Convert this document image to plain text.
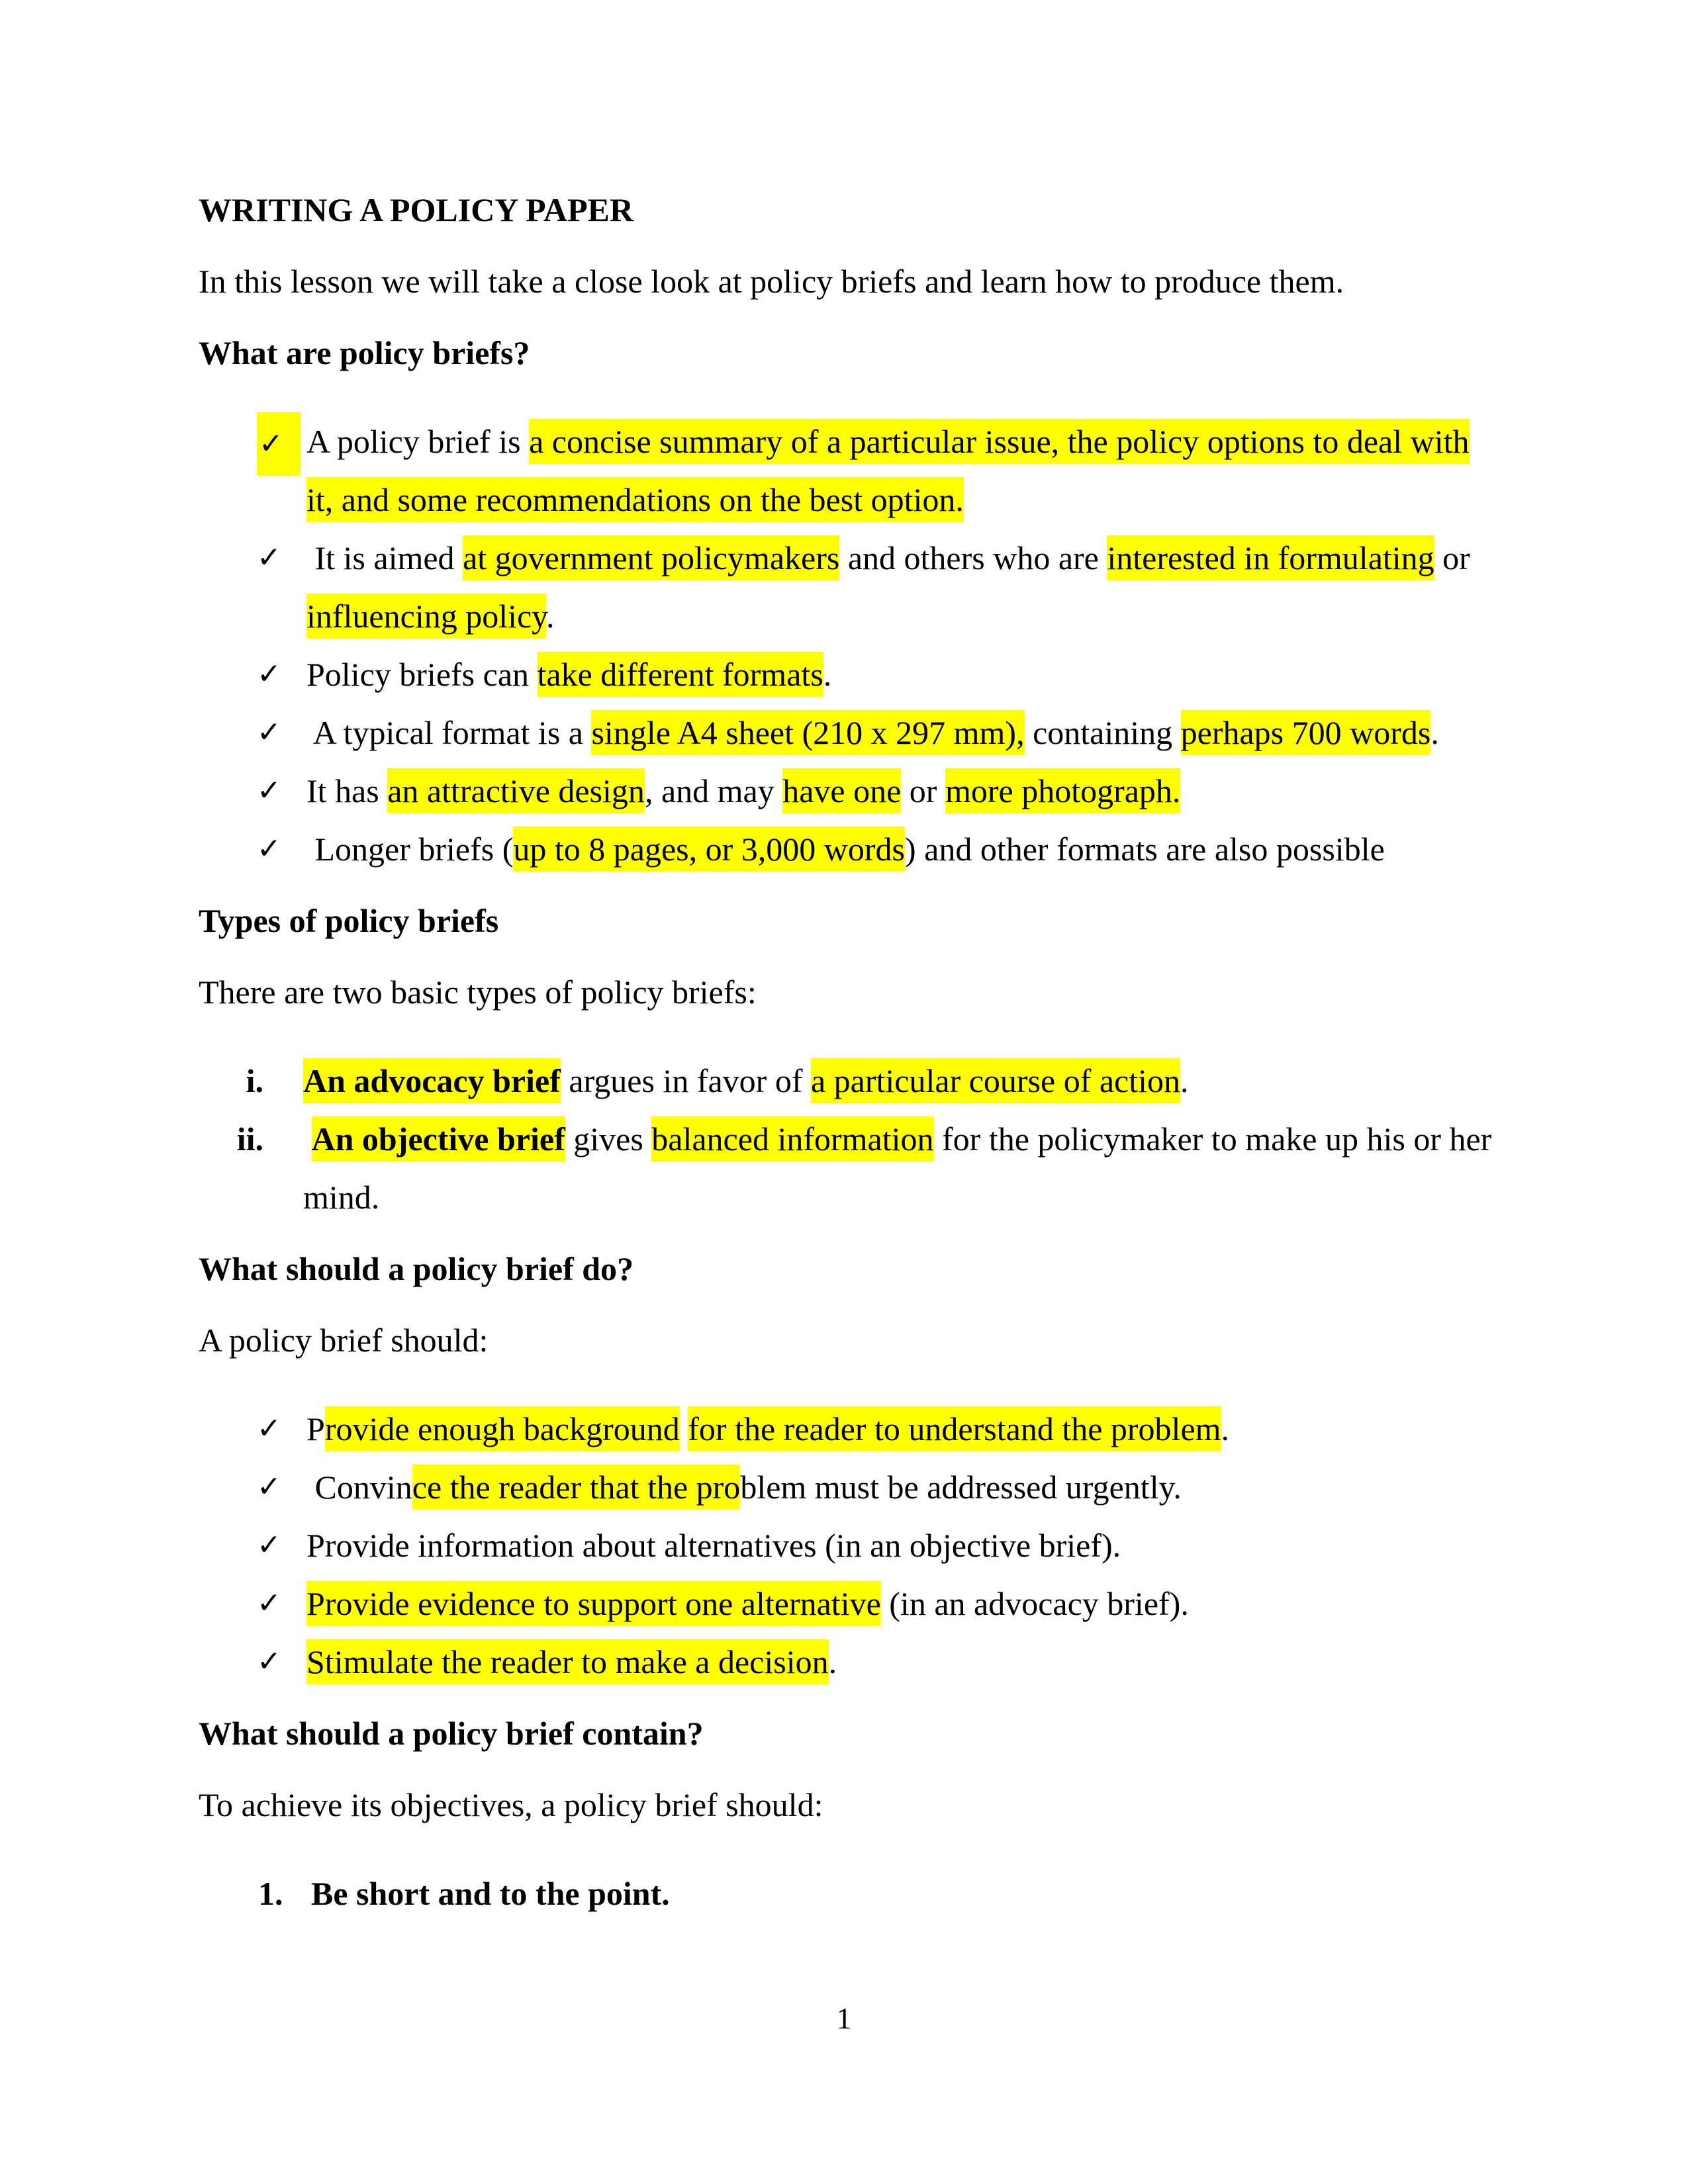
WRITING A POLICY PAPER
In this lesson we will take a close look at policy briefs and learn how to produce them.
What are policy briefs?
✓ A policy brief is a concise summary of a particular issue, the policy options to deal with
it, and some recommendations on the best option.
✓ It is aimed at government policymakers and others who are interested in formulating or
influencing policy.
✓ Policy briefs can take different formats.
✓ A typical format is a single A4 sheet (210 x 297 mm), containing perhaps 700 words.
✓ It has an attractive design, and may have one or more photograph.
✓ Longer briefs (up to 8 pages, or 3,000 words) and other formats are also possible
Types of policy briefs
There are two basic types of policy briefs:
i. An advocacy brief argues in favor of a particular course of action.
ii. An objective brief gives balanced information for the policymaker to make up his or her
mind.
What should a policy brief do?
A policy brief should:
✓ Provide enough background for the reader to understand the problem.
✓ Convince the reader that the problem must be addressed urgently.
✓ Provide information about alternatives (in an objective brief).
✓ Provide evidence to support one alternative (in an advocacy brief).
✓ Stimulate the reader to make a decision.
What should a policy brief contain?
To achieve its objectives, a policy brief should:
1. Be short and to the point.
1
